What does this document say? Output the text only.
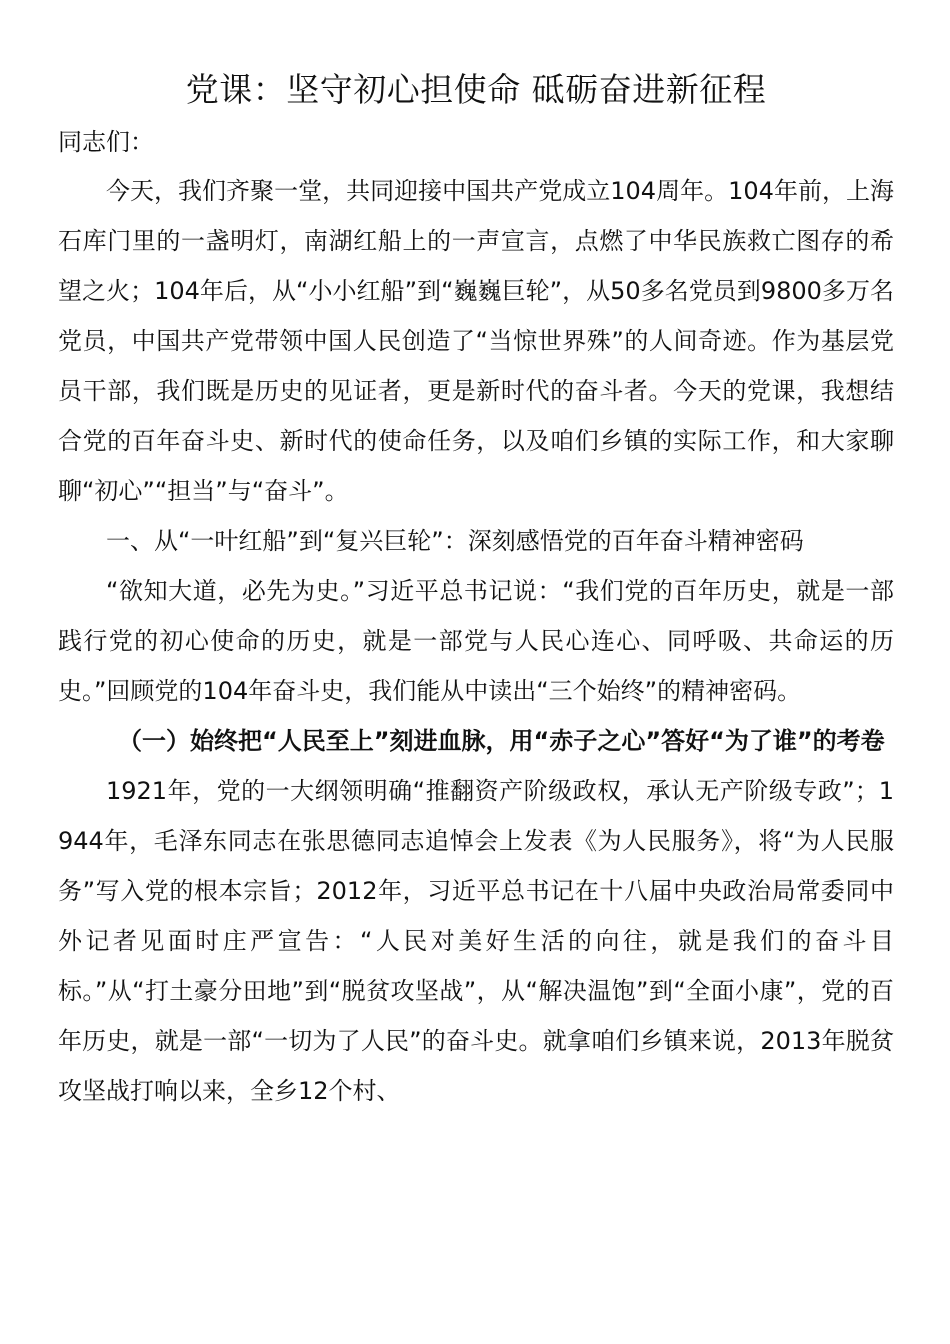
党课：坚守初心担使命 砥砺奋进新征程

同志们：

今天，我们齐聚一堂，共同迎接中国共产党成立104周年。104年前，上海石库门里的一盏明灯，南湖红船上的一声宣言，点燃了中华民族救亡图存的希望之火；104年后，从“小小红船”到“巍巍巨轮”，从50多名党员到9800多万名党员，中国共产党带领中国人民创造了“当惊世界殊”的人间奇迹。作为基层党员干部，我们既是历史的见证者，更是新时代的奋斗者。今天的党课，我想结合党的百年奋斗史、新时代的使命任务，以及咱们乡镇的实际工作，和大家聊聊“初心”“担当”与“奋斗”。

一、从“一叶红船”到“复兴巨轮”：深刻感悟党的百年奋斗精神密码

“欲知大道，必先为史。”习近平总书记说：“我们党的百年历史，就是一部践行党的初心使命的历史，就是一部党与人民心连心、同呼吸、共命运的历史。”回顾党的104年奋斗史，我们能从中读出“三个始终”的精神密码。

（一）始终把“人民至上”刻进血脉，用“赤子之心”答好“为了谁”的考卷

1921年，党的一大纲领明确“推翻资产阶级政权，承认无产阶级专政”；1944年，毛泽东同志在张思德同志追悼会上发表《为人民服务》，将“为人民服务”写入党的根本宗旨；2012年，习近平总书记在十八届中央政治局常委同中外记者见面时庄严宣告：“人民对美好生活的向往，就是我们的奋斗目标。”从“打土豪分田地”到“脱贫攻坚战”，从“解决温饱”到“全面小康”，党的百年历史，就是一部“一切为了人民”的奋斗史。就拿咱们乡镇来说，2013年脱贫攻坚战打响以来，全乡12个村、
